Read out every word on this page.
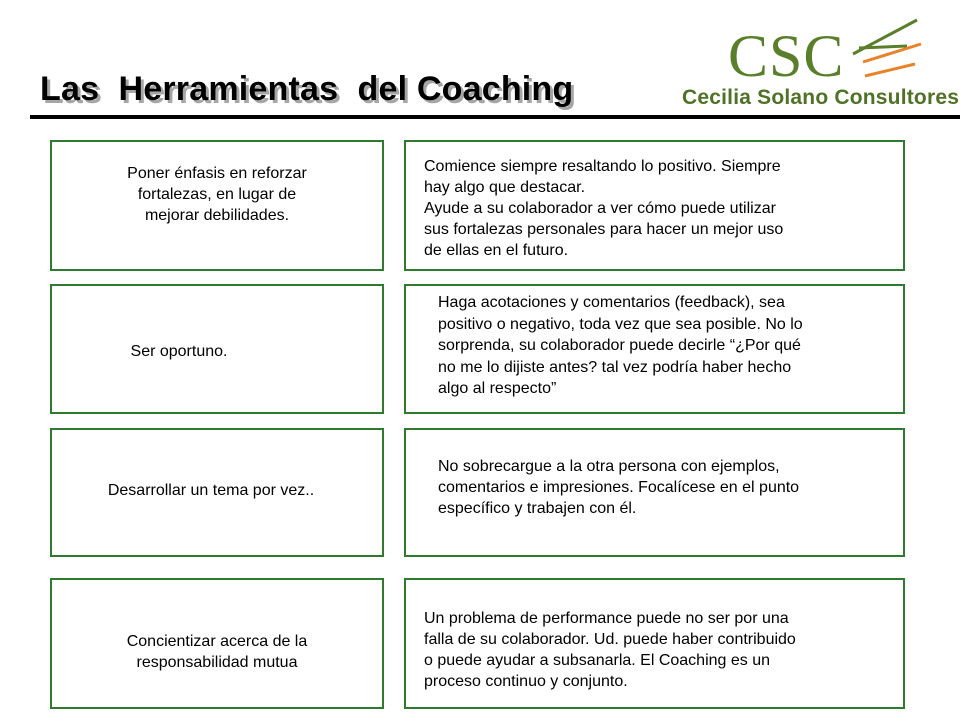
Las  Herramientas  del Coaching	CSC
Cecilia Solano Consultores
Poner énfasis en reforzar
fortalezas, en lugar de
mejorar debilidades.
Comience siempre resaltando lo positivo. Siempre
hay algo que destacar.
Ayude a su colaborador a ver cómo puede utilizar
sus fortalezas personales para hacer un mejor uso
de ellas en el futuro.
Ser oportuno.
Haga acotaciones y comentarios (feedback), sea
positivo o negativo, toda vez que sea posible. No lo
sorprenda, su colaborador puede decirle “¿Por qué
no me lo dijiste antes? tal vez podría haber hecho
algo al respecto”
Desarrollar un tema por vez..
No sobrecargue a la otra persona con ejemplos,
comentarios e impresiones. Focalícese en el punto
específico y trabajen con él.
Concientizar acerca de la
responsabilidad mutua
Un problema de performance puede no ser por una
falla de su colaborador. Ud. puede haber contribuido
o puede ayudar a subsanarla. El Coaching es un
proceso continuo y conjunto.
